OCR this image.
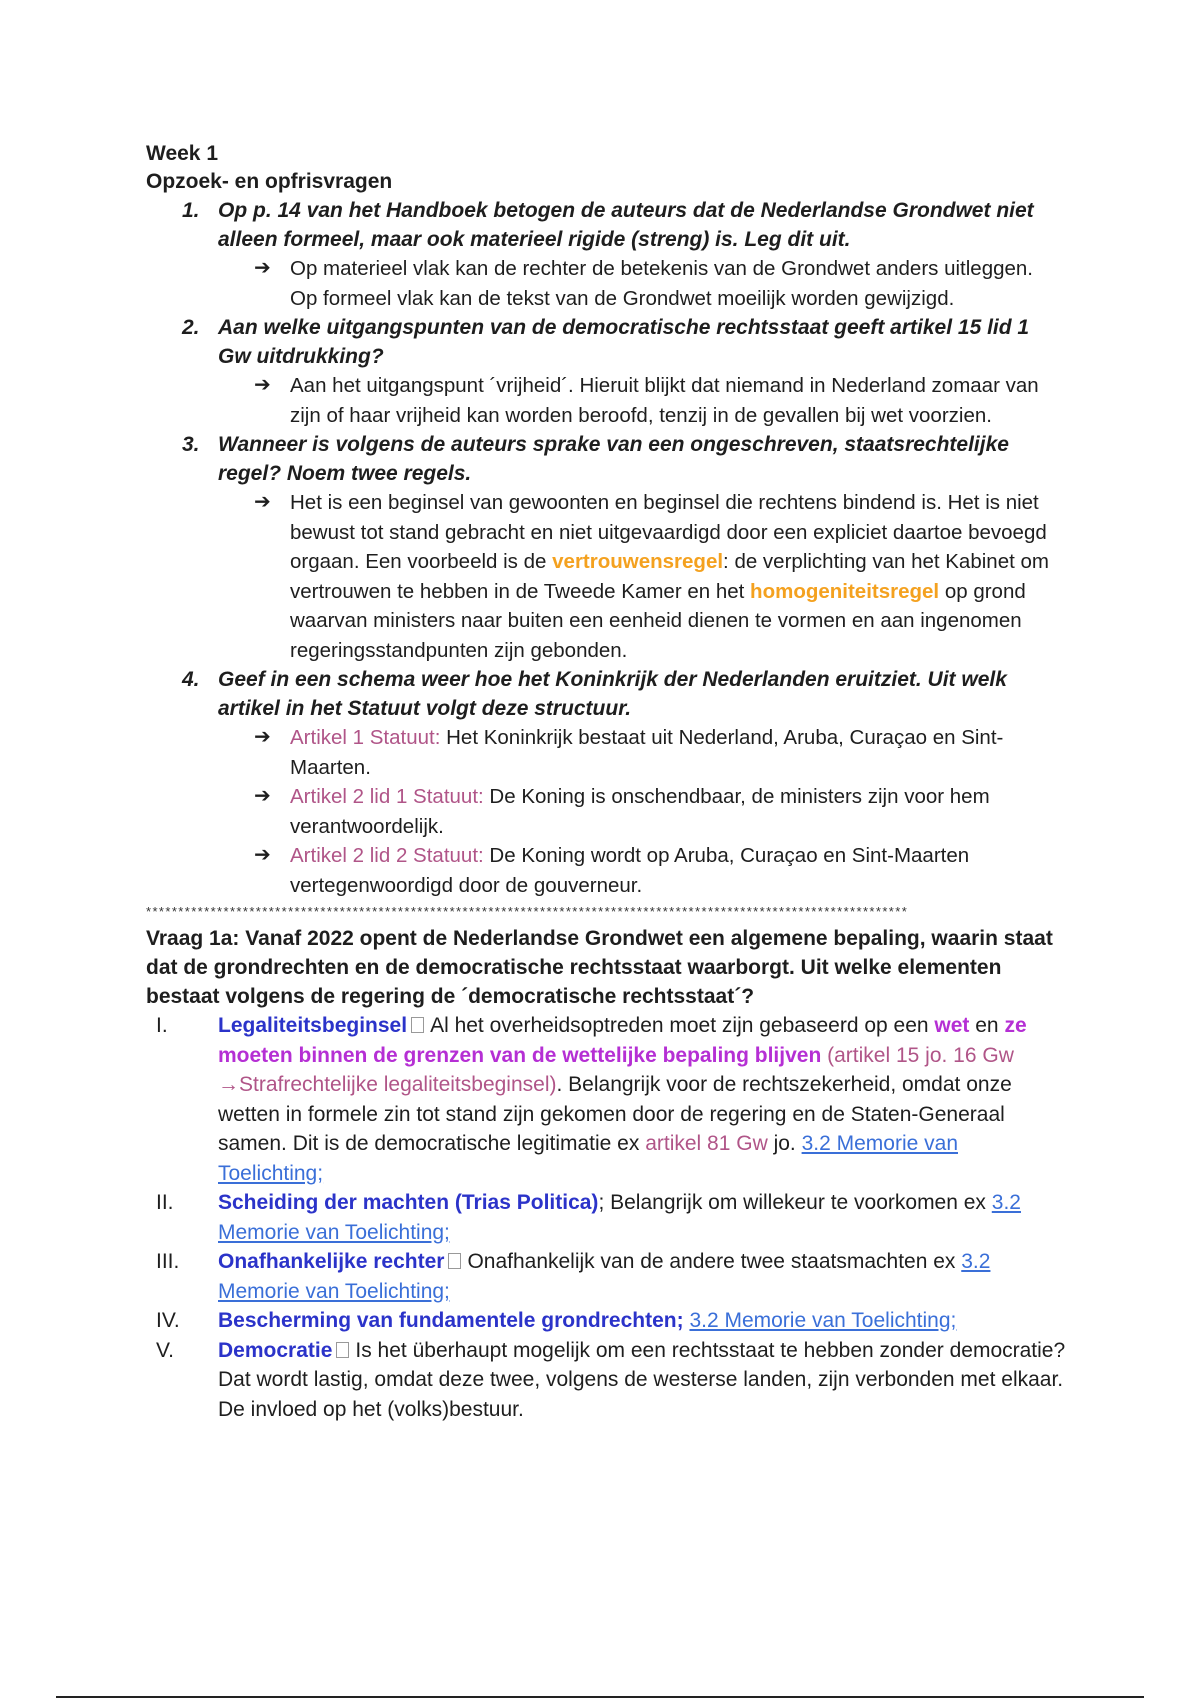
Week 1
Opzoek- en opfrisvragen
1. Op p. 14 van het Handboek betogen de auteurs dat de Nederlandse Grondwet niet alleen formeel, maar ook materieel rigide (streng) is. Leg dit uit.
➔ Op materieel vlak kan de rechter de betekenis van de Grondwet anders uitleggen. Op formeel vlak kan de tekst van de Grondwet moeilijk worden gewijzigd.
2. Aan welke uitgangspunten van de democratische rechtsstaat geeft artikel 15 lid 1 Gw uitdrukking?
➔ Aan het uitgangspunt ´vrijheid´. Hieruit blijkt dat niemand in Nederland zomaar van zijn of haar vrijheid kan worden beroofd, tenzij in de gevallen bij wet voorzien.
3. Wanneer is volgens de auteurs sprake van een ongeschreven, staatsrechtelijke regel? Noem twee regels.
➔ Het is een beginsel van gewoonten en beginsel die rechtens bindend is. Het is niet bewust tot stand gebracht en niet uitgevaardigd door een expliciet daartoe bevoegd orgaan. Een voorbeeld is de vertrouwensregel: de verplichting van het Kabinet om vertrouwen te hebben in de Tweede Kamer en het homogeniteitsregel op grond waarvan ministers naar buiten een eenheid dienen te vormen en aan ingenomen regeringsstandpunten zijn gebonden.
4. Geef in een schema weer hoe het Koninkrijk der Nederlanden eruitziet. Uit welk artikel in het Statuut volgt deze structuur.
➔ Artikel 1 Statuut: Het Koninkrijk bestaat uit Nederland, Aruba, Curaçao en Sint-Maarten.
➔ Artikel 2 lid 1 Statuut: De Koning is onschendbaar, de ministers zijn voor hem verantwoordelijk.
➔ Artikel 2 lid 2 Statuut: De Koning wordt op Aruba, Curaçao en Sint-Maarten vertegenwoordigd door de gouverneur.
**********************************************************************************************************************
Vraag 1a: Vanaf 2022 opent de Nederlandse Grondwet een algemene bepaling, waarin staat dat de grondrechten en de democratische rechtsstaat waarborgt. Uit welke elementen bestaat volgens de regering de ´democratische rechtsstaat´?
I.	Legaliteitsbeginsel Al het overheidsoptreden moet zijn gebaseerd op een wet en ze moeten binnen de grenzen van de wettelijke bepaling blijven (artikel 15 jo. 16 Gw →Strafrechtelijke legaliteitsbeginsel). Belangrijk voor de rechtszekerheid, omdat onze wetten in formele zin tot stand zijn gekomen door de regering en de Staten-Generaal samen. Dit is de democratische legitimatie ex artikel 81 Gw jo. 3.2 Memorie van Toelichting;
II.	Scheiding der machten (Trias Politica); Belangrijk om willekeur te voorkomen ex 3.2 Memorie van Toelichting;
III.	Onafhankelijke rechter Onafhankelijk van de andere twee staatsmachten ex 3.2 Memorie van Toelichting;
IV.	Bescherming van fundamentele grondrechten; 3.2 Memorie van Toelichting;
V.	Democratie Is het überhaupt mogelijk om een rechtsstaat te hebben zonder democratie? Dat wordt lastig, omdat deze twee, volgens de westerse landen, zijn verbonden met elkaar. De invloed op het (volks)bestuur.
